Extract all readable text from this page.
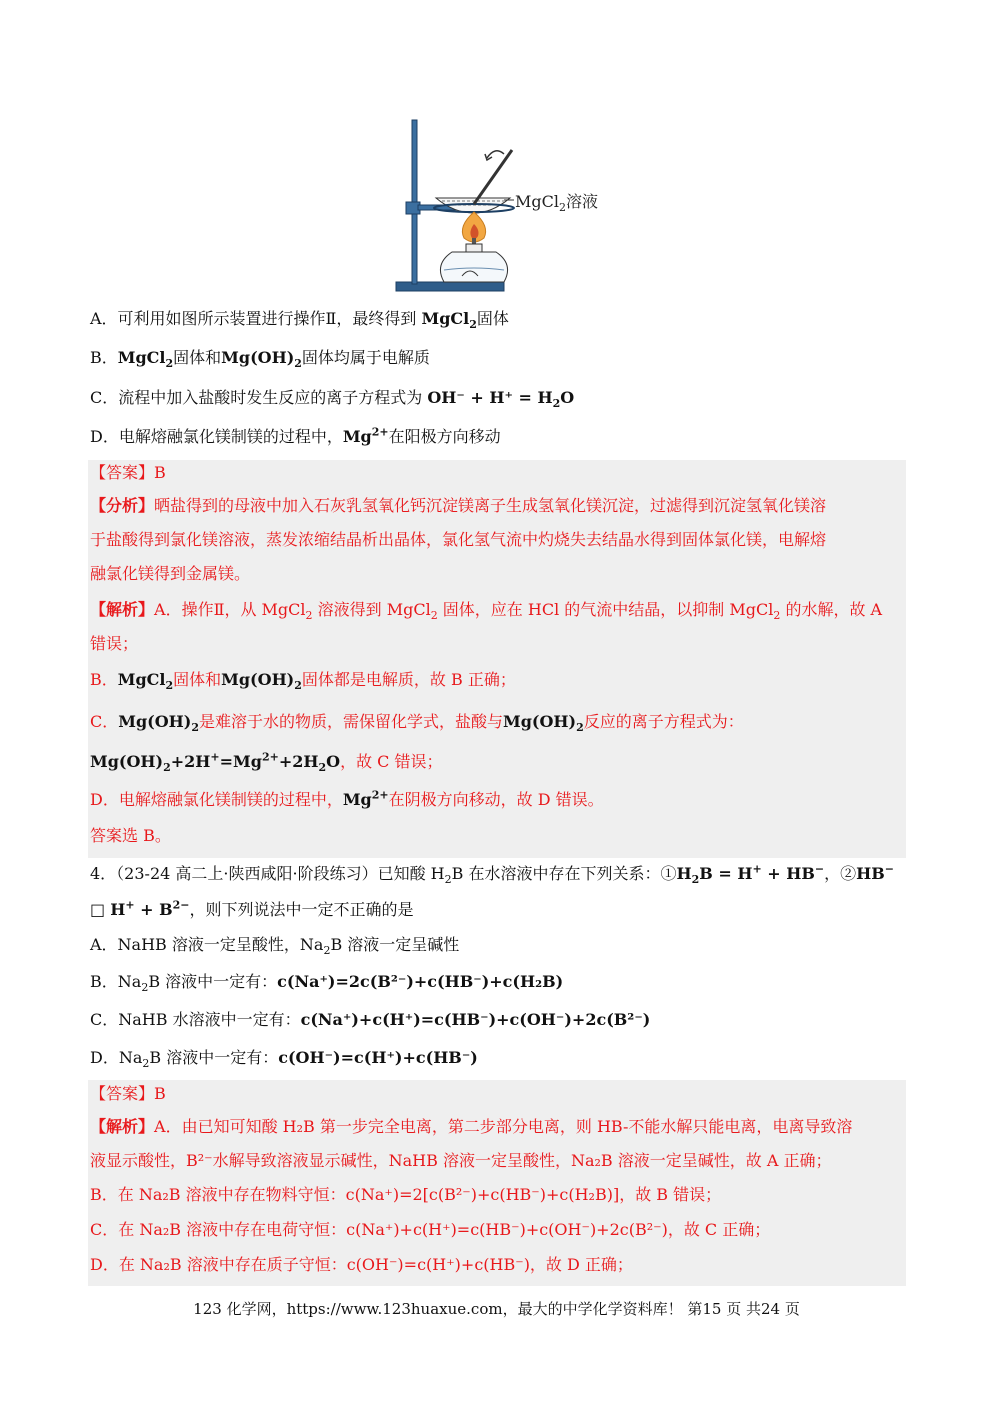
MgCl$_2$溶液
A．可利用如图所示装置进行操作Ⅱ，最终得到 MgCl$_2$固体
B．MgCl$_2$固体和$Mg(OH)_2$固体均属于电解质
C．流程中加入盐酸时发生反应的离子方程式为 $OH^- + H^+ = H_2O$
D．电解熔融氯化镁制镁的过程中，$Mg^{2+}$在阳极方向移动
【答案】B
【分析】晒盐得到的母液中加入石灰乳氢氧化钙沉淀镁离子生成氢氧化镁沉淀，过滤得到沉淀氢氧化镁溶
于盐酸得到氯化镁溶液，蒸发浓缩结晶析出晶体，氯化氢气流中灼烧失去结晶水得到固体氯化镁，电解熔
融氯化镁得到金属镁。
【解析】A．操作Ⅱ，从 MgCl$_2$ 溶液得到 MgCl$_2$ 固体，应在 HCl 的气流中结晶，以抑制 MgCl$_2$ 的水解，故 A
错误；
B．MgCl$_2$固体和$Mg(OH)_2$固体都是电解质，故 B 正确；
C．$Mg(OH)_2$是难溶于水的物质，需保留化学式，盐酸与$Mg(OH)_2$反应的离子方程式为：
$Mg(OH)_2+2H^+=Mg^{2+}+2H_2O$，故 C 错误；
D．电解熔融氯化镁制镁的过程中，$Mg^{2+}$在阴极方向移动，故 D 错误。
答案选 B。
4．（23-24 高二上·陕西咸阳·阶段练习）已知酸 $H_2B$ 在水溶液中存在下列关系：$①H_2B = H^+ + HB^-$，②HB−
□ $H^+ + B^{2-}$，则下列说法中一定不正确的是
A．NaHB 溶液一定呈酸性，$Na_2B$ 溶液一定呈碱性
B．$Na_2B$ 溶液中一定有：c(Na⁺)=2c(B²⁻)+c(HB⁻)+c(H₂B)
C．NaHB 水溶液中一定有：c(Na⁺)+c(H⁺)=c(HB⁻)+c(OH⁻)+2c(B²⁻)
D．$Na_2B$ 溶液中一定有：c(OH⁻)=c(H⁺)+c(HB⁻)
【答案】B
【解析】A．由已知可知酸 H₂B 第一步完全电离，第二步部分电离，则 HB-不能水解只能电离，电离导致溶
液显示酸性，B²⁻水解导致溶液显示碱性，NaHB 溶液一定呈酸性，Na₂B 溶液一定呈碱性，故 A 正确；
B．在 Na₂B 溶液中存在物料守恒：c(Na⁺)=2[c(B²⁻)+c(HB⁻)+c(H₂B)]，故 B 错误；
C．在 Na₂B 溶液中存在电荷守恒：c(Na⁺)+c(H⁺)=c(HB⁻)+c(OH⁻)+2c(B²⁻)，故 C 正确；
D．在 Na₂B 溶液中存在质子守恒：c(OH⁻)=c(H⁺)+c(HB⁻)，故 D 正确；
123 化学网，https://www.123huaxue.com，最大的中学化学资料库！ 第15 页 共24 页
